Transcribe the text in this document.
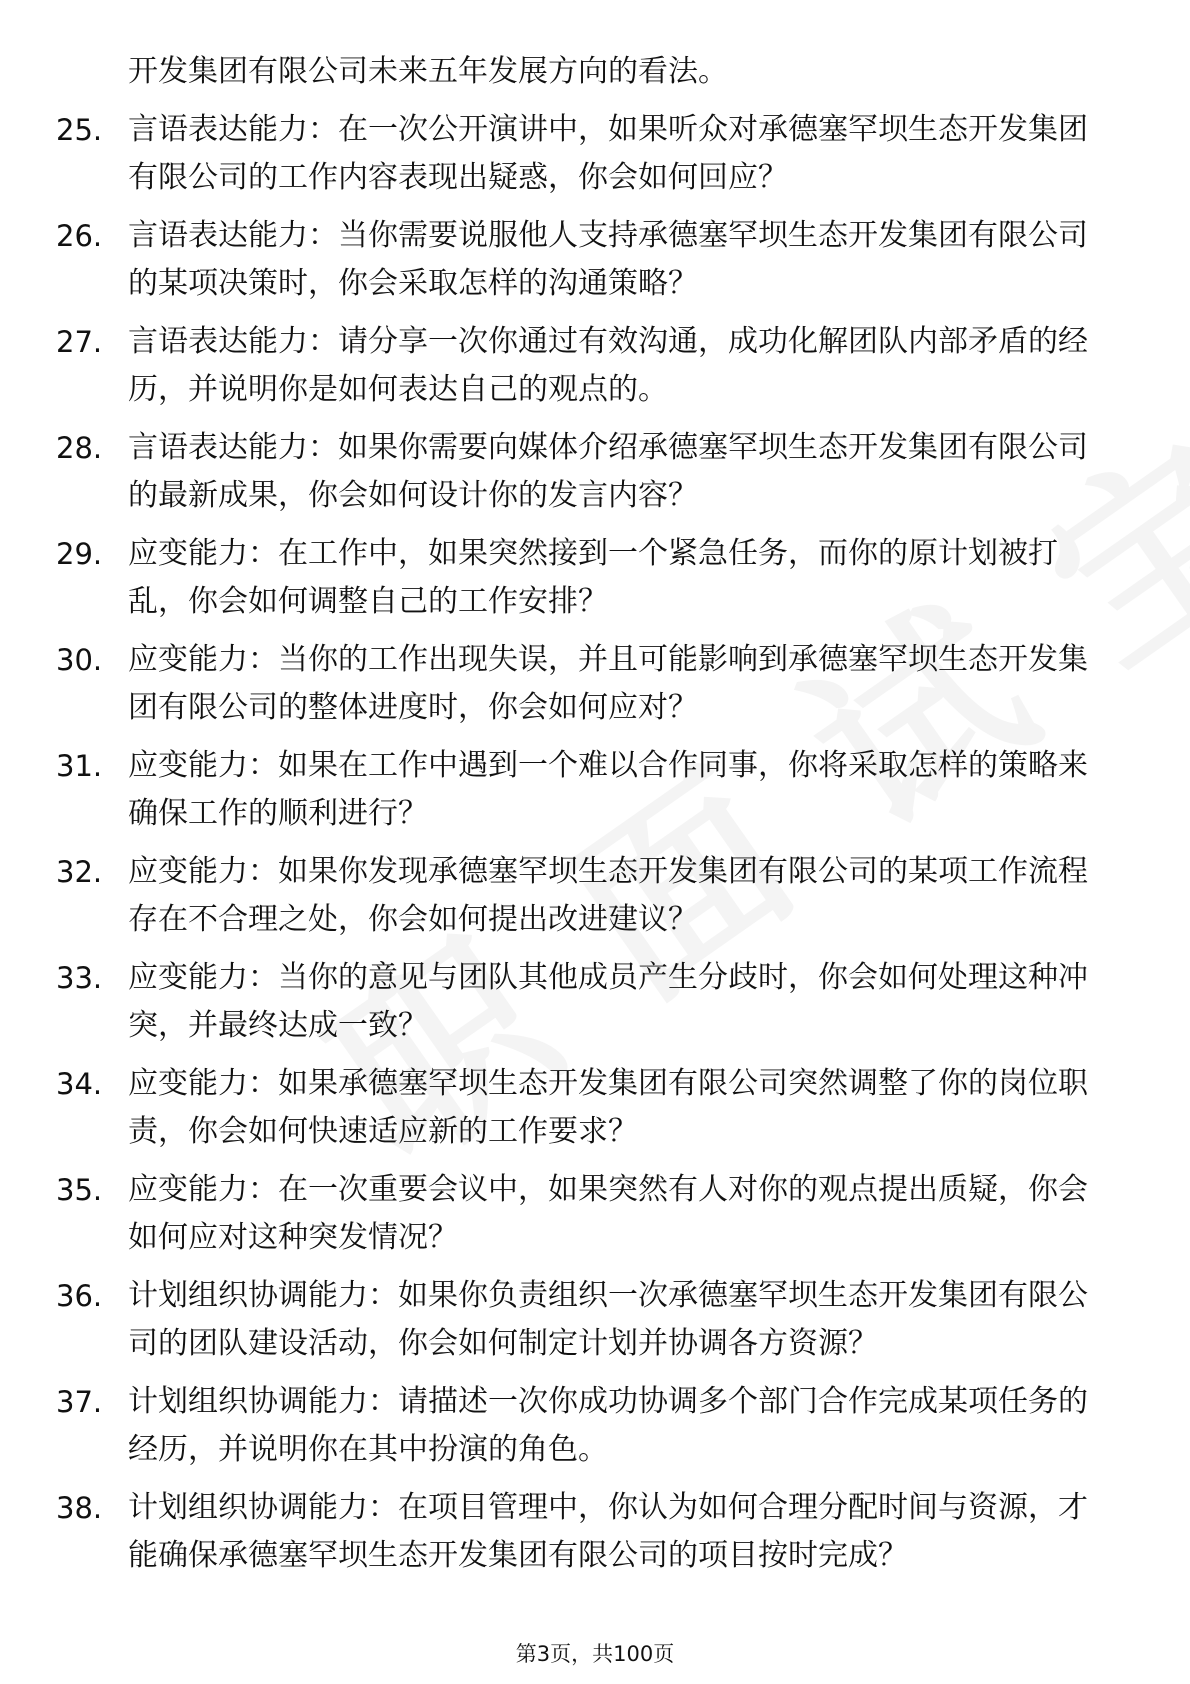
开发集团有限公司未来五年发展方向的看法。
25. 言语表达能力：在一次公开演讲中，如果听众对承德塞罕坝生态开发集团有限公司的工作内容表现出疑惑，你会如何回应？
26. 言语表达能力：当你需要说服他人支持承德塞罕坝生态开发集团有限公司的某项决策时，你会采取怎样的沟通策略？
27. 言语表达能力：请分享一次你通过有效沟通，成功化解团队内部矛盾的经历，并说明你是如何表达自己的观点的。
28. 言语表达能力：如果你需要向媒体介绍承德塞罕坝生态开发集团有限公司的最新成果，你会如何设计你的发言内容？
29. 应变能力：在工作中，如果突然接到一个紧急任务，而你的原计划被打乱，你会如何调整自己的工作安排？
30. 应变能力：当你的工作出现失误，并且可能影响到承德塞罕坝生态开发集团有限公司的整体进度时，你会如何应对？
31. 应变能力：如果在工作中遇到一个难以合作同事，你将采取怎样的策略来确保工作的顺利进行？
32. 应变能力：如果你发现承德塞罕坝生态开发集团有限公司的某项工作流程存在不合理之处，你会如何提出改进建议？
33. 应变能力：当你的意见与团队其他成员产生分歧时，你会如何处理这种冲突，并最终达成一致？
34. 应变能力：如果承德塞罕坝生态开发集团有限公司突然调整了你的岗位职责，你会如何快速适应新的工作要求？
35. 应变能力：在一次重要会议中，如果突然有人对你的观点提出质疑，你会如何应对这种突发情况？
36. 计划组织协调能力：如果你负责组织一次承德塞罕坝生态开发集团有限公司的团队建设活动，你会如何制定计划并协调各方资源？
37. 计划组织协调能力：请描述一次你成功协调多个部门合作完成某项任务的经历，并说明你在其中扮演的角色。
38. 计划组织协调能力：在项目管理中，你认为如何合理分配时间与资源，才能确保承德塞罕坝生态开发集团有限公司的项目按时完成？
第3页，共100页
